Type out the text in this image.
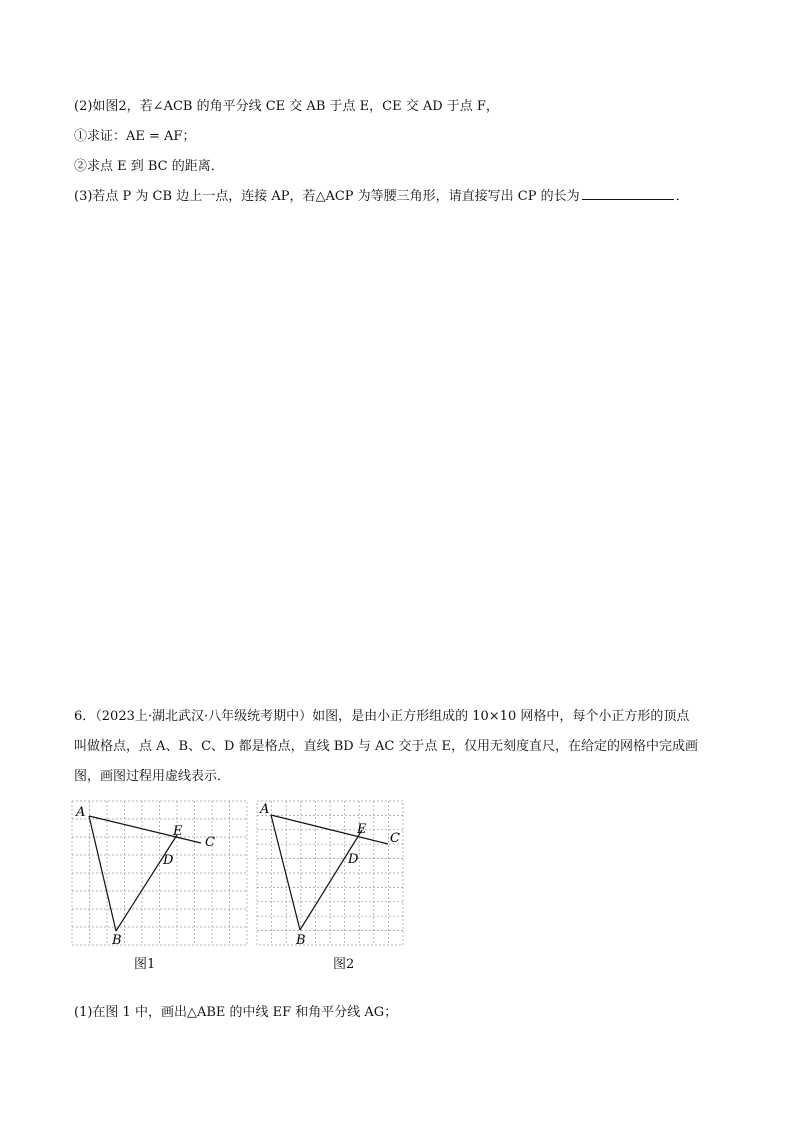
(2)如图2，若∠ACB 的角平分线 CE 交 AB 于点 E，CE 交 AD 于点 F，
①求证：AE = AF；
②求点 E 到 BC 的距离．
(3)若点 P 为 CB 边上一点，连接 AP，若△ACP 为等腰三角形，请直接写出 CP 的长为	．
6．（2023上·湖北武汉·八年级统考期中）如图，是由小正方形组成的 10×10 网格中，每个小正方形的顶点
叫做格点，点 A、B、C、D 都是格点，直线 BD 与 AC 交于点 E，仅用无刻度直尺，在给定的网格中完成画
图，画图过程用虚线表示．
A
B
C
D
E
图1
A
B
C
D
E
图2
(1)在图 1 中，画出△ABE 的中线 EF 和角平分线 AG；
